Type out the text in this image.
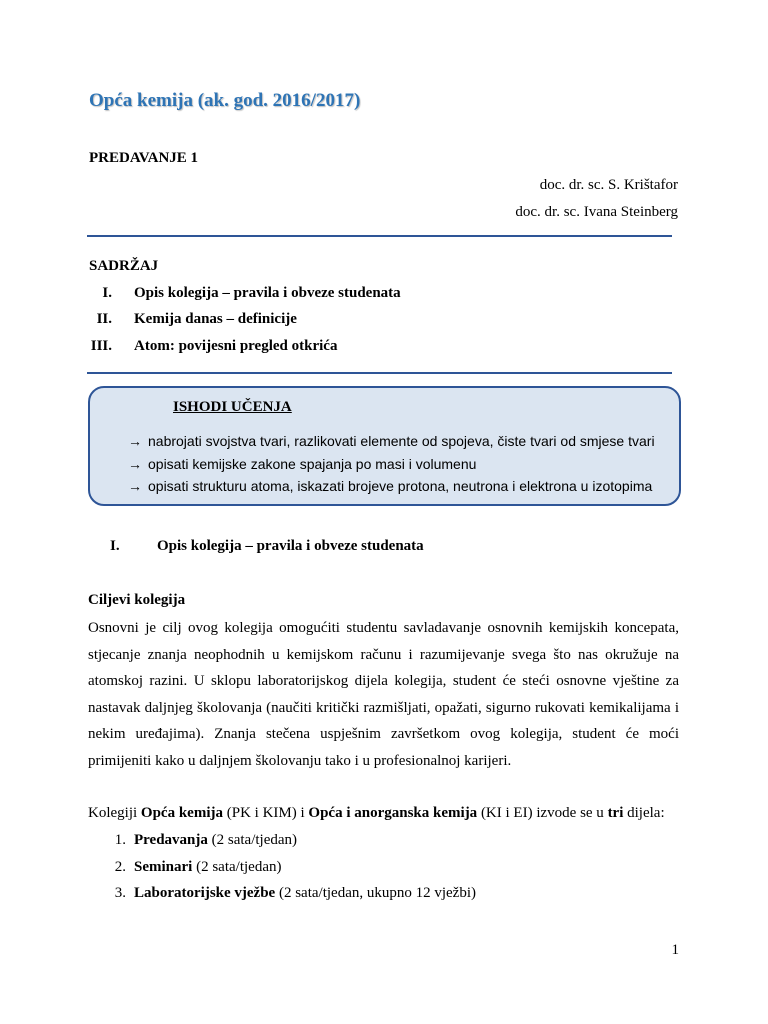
Opća kemija (ak. god. 2016/2017)
PREDAVANJE 1
doc. dr. sc. S. Krištafor
doc. dr. sc. Ivana Steinberg
SADRŽAJ
I. Opis kolegija – pravila i obveze studenata
II. Kemija danas – definicije
III. Atom: povijesni pregled otkrića
ISHODI UČENJA
→ nabrojati svojstva tvari, razlikovati elemente od spojeva, čiste tvari od smjese tvari
→ opisati kemijske zakone spajanja po masi i volumenu
→ opisati strukturu atoma, iskazati brojeve protona, neutrona i elektrona u izotopima
I. Opis kolegija – pravila i obveze studenata
Ciljevi kolegija
Osnovni je cilj ovog kolegija omogućiti studentu savladavanje osnovnih kemijskih koncepata, stjecanje znanja neophodnih u kemijskom računu i razumijevanje svega što nas okružuje na atomskoj razini. U sklopu laboratorijskog dijela kolegija, student će steći osnovne vještine za nastavak daljnjeg školovanja (naučiti kritički razmišljati, opažati, sigurno rukovati kemikalijama i nekim uređajima). Znanja stečena uspješnim završetkom ovog kolegija, student će moći primijeniti kako u daljnjem školovanju tako i u profesionalnoj karijeri.
Kolegiji Opća kemija (PK i KIM) i Opća i anorganska kemija (KI i EI) izvode se u tri dijela:
1. Predavanja (2 sata/tjedan)
2. Seminari (2 sata/tjedan)
3. Laboratorijske vježbe (2 sata/tjedan, ukupno 12 vježbi)
1
